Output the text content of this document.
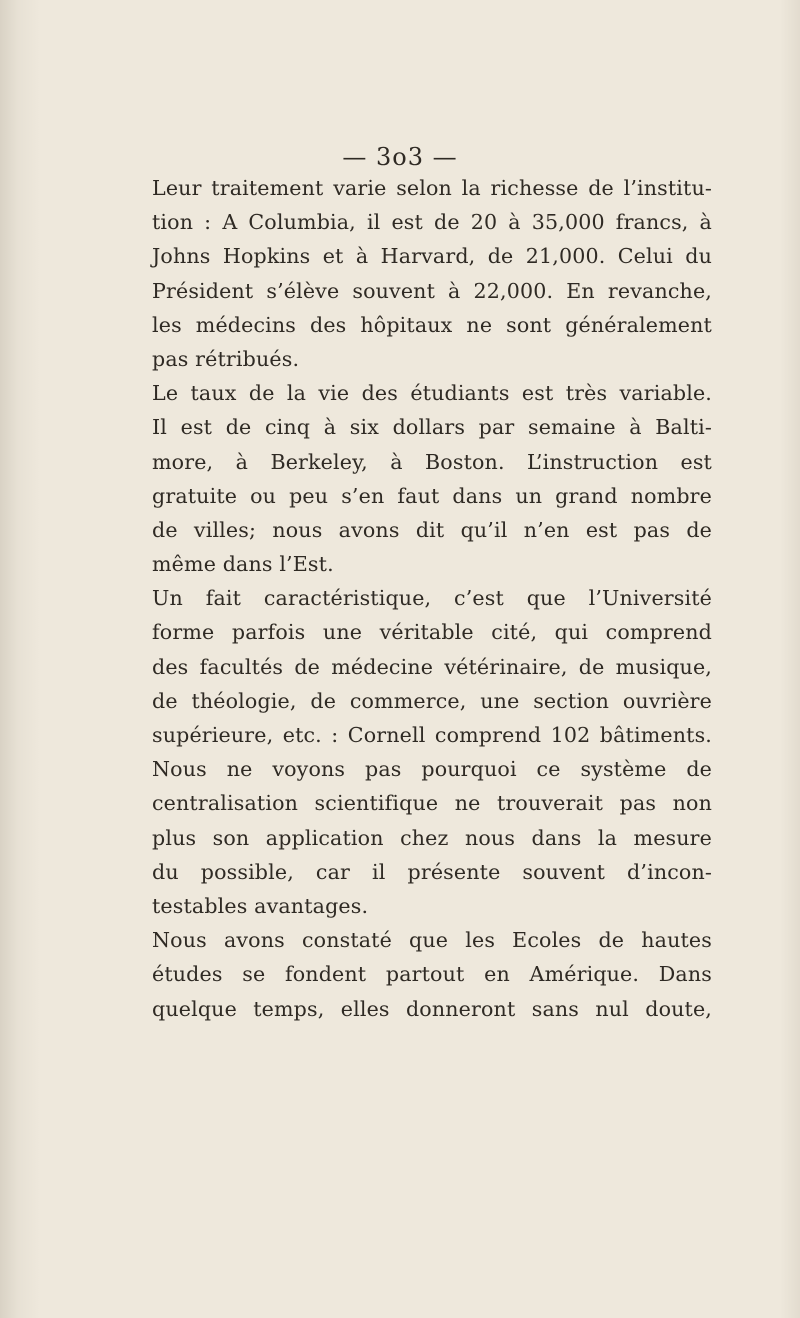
— 3o3 —
Leur traitement varie selon la richesse de l’institu-
tion : A Columbia, il est de 20 à 35,000 francs, à
Johns Hopkins et à Harvard, de 21,000. Celui du
Président s’élève souvent à 22,000. En revanche,
les médecins des hôpitaux ne sont généralement
pas rétribués.
Le taux de la vie des étudiants est très variable.
Il est de cinq à six dollars par semaine à Balti-
more, à Berkeley, à Boston. L’instruction est
gratuite ou peu s’en faut dans un grand nombre
de villes; nous avons dit qu’il n’en est pas de
même dans l’Est.
Un fait caractéristique, c’est que l’Université
forme parfois une véritable cité, qui comprend
des facultés de médecine vétérinaire, de musique,
de théologie, de commerce, une section ouvrière
supérieure, etc. : Cornell comprend 102 bâtiments.
Nous ne voyons pas pourquoi ce système de
centralisation scientifique ne trouverait pas non
plus son application chez nous dans la mesure
du possible, car il présente souvent d’incon-
testables avantages.
Nous avons constaté que les Ecoles de hautes
études se fondent partout en Amérique. Dans
quelque temps, elles donneront sans nul doute,
